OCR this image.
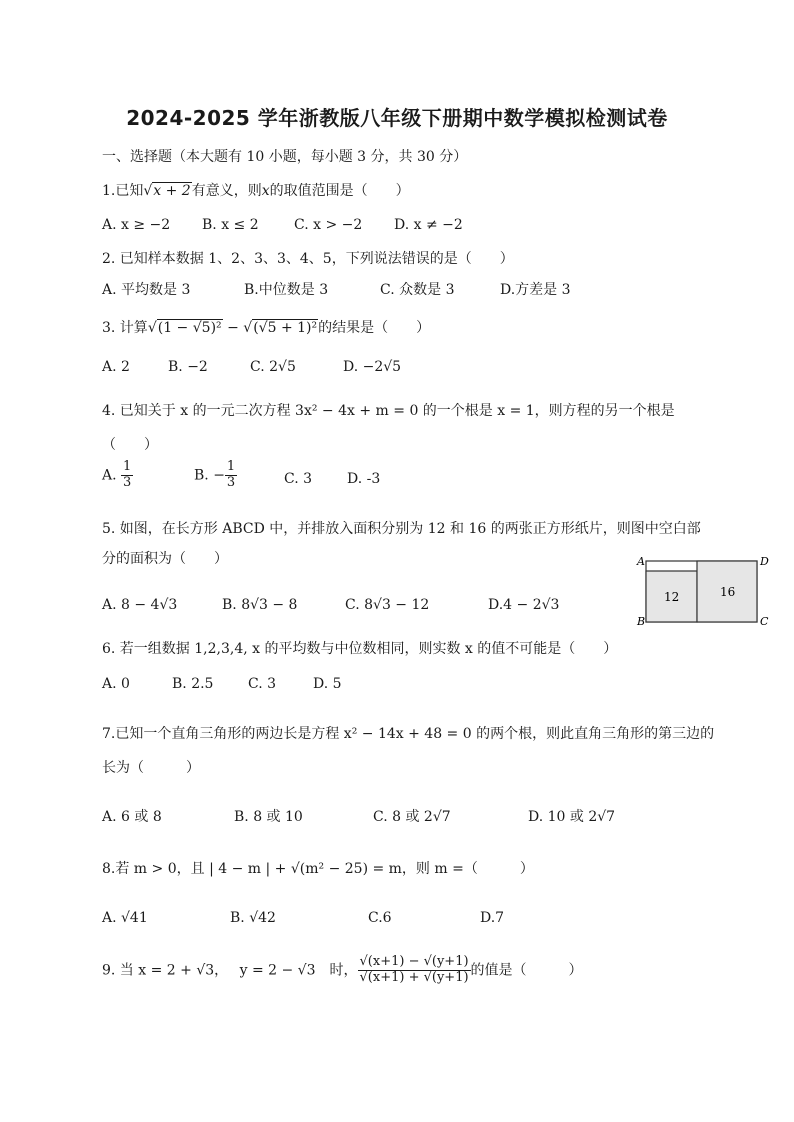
2024-2025 学年浙教版八年级下册期中数学模拟检测试卷
一、选择题（本大题有 10 小题，每小题 3 分，共 30 分）
1.已知√x + 2有意义，则x的取值范围是（　　）
A. x ≥ −2 B. x ≤ 2	C. x > −2 D. x ≠ −2
2. 已知样本数据 1、2、3、3、4、5，下列说法错误的是（　　）
A. 平均数是 3	B.中位数是 3	C. 众数是 3	D.方差是 3
3. 计算√(1 − √5)² − √(√5 + 1)²的结果是（　　）
A. 2	B. −2	C. 2√5	D. −2√5
4. 已知关于 x 的一元二次方程 3x² − 4x + m = 0 的一个根是 x = 1，则方程的另一个根是
（　　）
A. $\frac{1}{3}$	B. − $\frac{1}{3}$	C. 3 D. -3
5. 如图，在长方形 ABCD 中，并排放入面积分别为 12 和 16 的两张正方形纸片，则图中空白部
分的面积为（　　）
A. 8 − 4√3	B. 8√3 − 8	C. 8√3 − 12	D.4 − 2√3
A
B	C
D
12	16
6. 若一组数据 1,2,3,4, x 的平均数与中位数相同，则实数 x 的值不可能是（　　）
A. 0	B. 2.5 C. 3	D. 5
7.已知一个直角三角形的两边长是方程 x² − 14x + 48 = 0 的两个根，则此直角三角形的第三边的
长为（　　　）
A. 6 或 8	B. 8 或 10	C. 8 或 2√7	D. 10 或 2√7
8.若 m > 0，且 | 4 − m | + √(m² − 25) = m，则 m =（　　　）
A. √41	B. √42	C.6	D.7
9. 当 x = 2 + √3，　 y = 2 − √3　时， $\frac{√(x+1) - √(y+1)}{√(x+1) + √(y+1)}$ 的值是（　　　）
